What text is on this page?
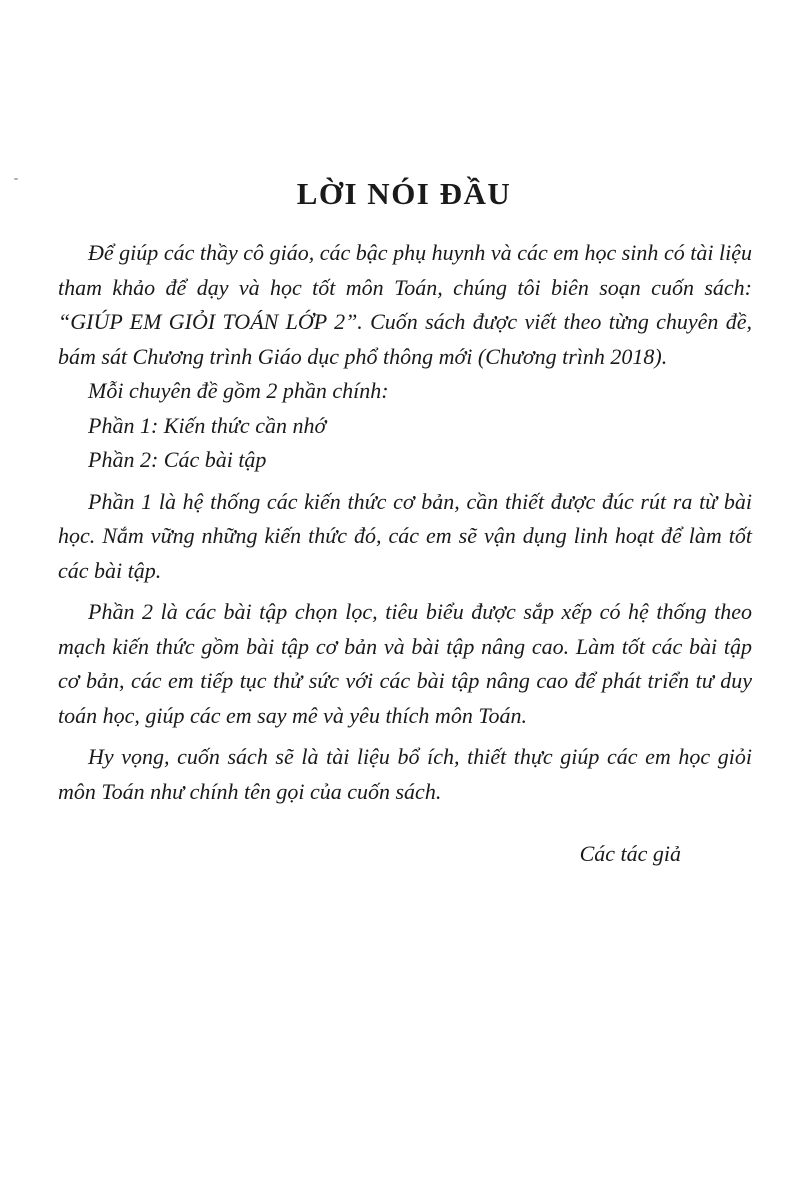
LỜI NÓI ĐẦU

Để giúp các thầy cô giáo, các bậc phụ huynh và các em học sinh có tài liệu tham khảo để dạy và học tốt môn Toán, chúng tôi biên soạn cuốn sách: “GIÚP EM GIỎI TOÁN LỚP 2”. Cuốn sách được viết theo từng chuyên đề, bám sát Chương trình Giáo dục phổ thông mới (Chương trình 2018).

Mỗi chuyên đề gồm 2 phần chính:

Phần 1: Kiến thức cần nhớ

Phần 2: Các bài tập

Phần 1 là hệ thống các kiến thức cơ bản, cần thiết được đúc rút ra từ bài học. Nắm vững những kiến thức đó, các em sẽ vận dụng linh hoạt để làm tốt các bài tập.

Phần 2 là các bài tập chọn lọc, tiêu biểu được sắp xếp có hệ thống theo mạch kiến thức gồm bài tập cơ bản và bài tập nâng cao. Làm tốt các bài tập cơ bản, các em tiếp tục thử sức với các bài tập nâng cao để phát triển tư duy toán học, giúp các em say mê và yêu thích môn Toán.

Hy vọng, cuốn sách sẽ là tài liệu bổ ích, thiết thực giúp các em học giỏi môn Toán như chính tên gọi của cuốn sách.

Các tác giả
